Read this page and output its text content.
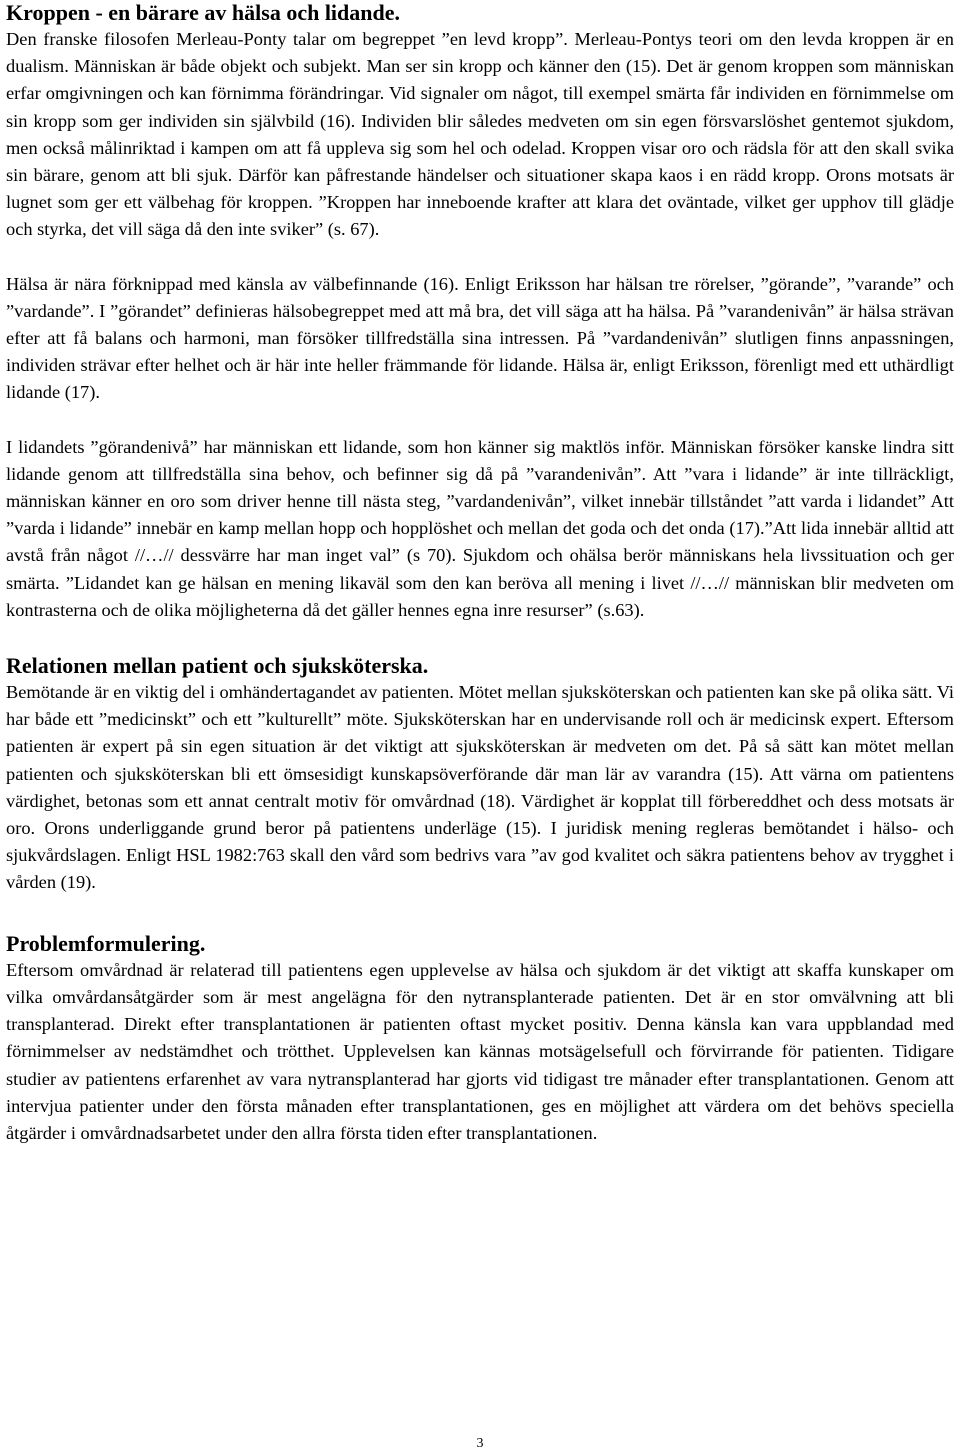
Kroppen - en bärare av hälsa och lidande.

Den franske filosofen Merleau-Ponty talar om begreppet ”en levd kropp”. Merleau-Pontys teori om den levda kroppen är en dualism. Människan är både objekt och subjekt. Man ser sin kropp och känner den (15). Det är genom kroppen som människan erfar omgivningen och kan förnimma förändringar. Vid signaler om något, till exempel smärta får individen en förnimmelse om sin kropp som ger individen sin självbild (16). Individen blir således medveten om sin egen försvarslöshet gentemot sjukdom, men också målinriktad i kampen om att få uppleva sig som hel och odelad. Kroppen visar oro och rädsla för att den skall svika sin bärare, genom att bli sjuk. Därför kan påfrestande händelser och situationer skapa kaos i en rädd kropp. Orons motsats är lugnet som ger ett välbehag för kroppen. ”Kroppen har inneboende krafter att klara det oväntade, vilket ger upphov till glädje och styrka, det vill säga då den inte sviker” (s. 67).

Hälsa är nära förknippad med känsla av välbefinnande (16). Enligt Eriksson har hälsan tre rörelser, ”görande”, ”varande” och ”vardande”. I ”görandet” definieras hälsobegreppet med att må bra, det vill säga att ha hälsa. På ”varandenivån” är hälsa strävan efter att få balans och harmoni, man försöker tillfredställa sina intressen. På ”vardandenivån” slutligen finns anpassningen, individen strävar efter helhet och är här inte heller främmande för lidande. Hälsa är, enligt Eriksson, förenligt med ett uthärdligt lidande (17).

I lidandets ”görandenivå” har människan ett lidande, som hon känner sig maktlös inför. Människan försöker kanske lindra sitt lidande genom att tillfredställa sina behov, och befinner sig då på ”varandenivån”. Att ”vara i lidande” är inte tillräckligt, människan känner en oro som driver henne till nästa steg, ”vardandenivån”, vilket innebär tillståndet ”att varda i lidandet” Att ”varda i lidande” innebär en kamp mellan hopp och hopplöshet och mellan det goda och det onda (17).”Att lida innebär alltid att avstå från något //…// dessvärre har man inget val” (s 70). Sjukdom och ohälsa berör människans hela livssituation och ger smärta. ”Lidandet kan ge hälsan en mening likaväl som den kan beröva all mening i livet //…// människan blir medveten om kontrasterna och de olika möjligheterna då det gäller hennes egna inre resurser” (s.63).

Relationen mellan patient och sjuksköterska.

Bemötande är en viktig del i omhändertagandet av patienten. Mötet mellan sjuksköterskan och patienten kan ske på olika sätt. Vi har både ett ”medicinskt” och ett ”kulturellt” möte. Sjuksköterskan har en undervisande roll och är medicinsk expert. Eftersom patienten är expert på sin egen situation är det viktigt att sjuksköterskan är medveten om det. På så sätt kan mötet mellan patienten och sjuksköterskan bli ett ömsesidigt kunskapsöverförande där man lär av varandra (15). Att värna om patientens värdighet, betonas som ett annat centralt motiv för omvårdnad (18). Värdighet är kopplat till förbereddhet och dess motsats är oro. Orons underliggande grund beror på patientens underläge (15). I juridisk mening regleras bemötandet i hälso- och sjukvårdslagen. Enligt HSL 1982:763 skall den vård som bedrivs vara ”av god kvalitet och säkra patientens behov av trygghet i vården (19).

Problemformulering.

Eftersom omvårdnad är relaterad till patientens egen upplevelse av hälsa och sjukdom är det viktigt att skaffa kunskaper om vilka omvårdansåtgärder som är mest angelägna för den nytransplanterade patienten. Det är en stor omvälvning att bli transplanterad. Direkt efter transplantationen är patienten oftast mycket positiv. Denna känsla kan vara uppblandad med förnimmelser av nedstämdhet och trötthet. Upplevelsen kan kännas motsägelsefull och förvirrande för patienten. Tidigare studier av patientens erfarenhet av vara nytransplanterad har gjorts vid tidigast tre månader efter transplantationen. Genom att intervjua patienter under den första månaden efter transplantationen, ges en möjlighet att värdera om det behövs speciella åtgärder i omvårdnadsarbetet under den allra första tiden efter transplantationen.

3
